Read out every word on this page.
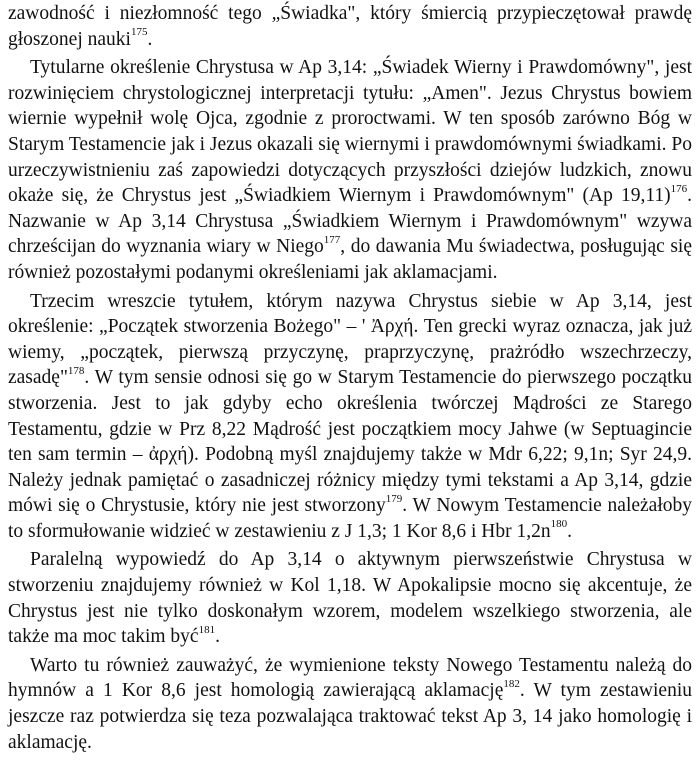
zawodność i niezłomność tego „Świadka", który śmiercią przypieczętował prawdę głoszonej nauki$^{175}$.

Tytularne określenie Chrystusa w Ap 3,14: „Świadek Wierny i Prawdomówny", jest rozwinięciem chrystologicznej interpretacji tytułu: „Amen". Jezus Chrystus bowiem wiernie wypełnił wolę Ojca, zgodnie z proroctwami. W ten sposób zarówno Bóg w Starym Testamencie jak i Jezus okazali się wiernymi i prawdomównymi świadkami. Po urzeczywistnieniu zaś zapowiedzi dotyczących przyszłości dziejów ludzkich, znowu okaże się, że Chrystus jest „Świadkiem Wiernym i Prawdomównym" (Ap 19,11)$^{176}$. Nazwanie w Ap 3,14 Chrystusa „Świadkiem Wiernym i Prawdomównym" wzywa chrześcijan do wyznania wiary w Niego$^{177}$, do dawania Mu świadectwa, posługując się również pozostałymi podanymi określeniami jak aklamacjami.

Trzecim wreszcie tytułem, którym nazywa Chrystus siebie w Ap 3,14, jest określenie: „Początek stworzenia Bożego" – ' Ἀρχή. Ten grecki wyraz oznacza, jak już wiemy, „początek, pierwszą przyczynę, praprzyczynę, prażródło wszechrzeczy, zasadę"$^{178}$. W tym sensie odnosi się go w Starym Testamencie do pierwszego początku stworzenia. Jest to jak gdyby echo określenia twórczej Mądrości ze Starego Testamentu, gdzie w Prz 8,22 Mądrość jest początkiem mocy Jahwe (w Septuagincie ten sam termin – ἀρχή). Podobną myśl znajdujemy także w Mdr 6,22; 9,1n; Syr 24,9. Należy jednak pamiętać o zasadniczej różnicy między tymi tekstami a Ap 3,14, gdzie mówi się o Chrystusie, który nie jest stworzony$^{179}$. W Nowym Testamencie należałoby to sformułowanie widzieć w zestawieniu z J 1,3; 1 Kor 8,6 i Hbr $1,2n^{180}$.

Paralelną wypowiedź do Ap 3,14 o aktywnym pierwszeństwie Chrystusa w stworzeniu znajdujemy również w Kol 1,18. W Apokalipsie mocno się akcentuje, że Chrystus jest nie tylko doskonałym wzorem, modelem wszelkiego stworzenia, ale także ma moc takim być$^{181}$.

Warto tu również zauważyć, że wymienione teksty Nowego Testamentu należą do hymnów a 1 Kor 8,6 jest homologią zawierającą aklamację$^{182}$. W tym zestawieniu jeszcze raz potwierdza się teza pozwalająca traktować tekst Ap 3, 14 jako homologię i aklamację.
